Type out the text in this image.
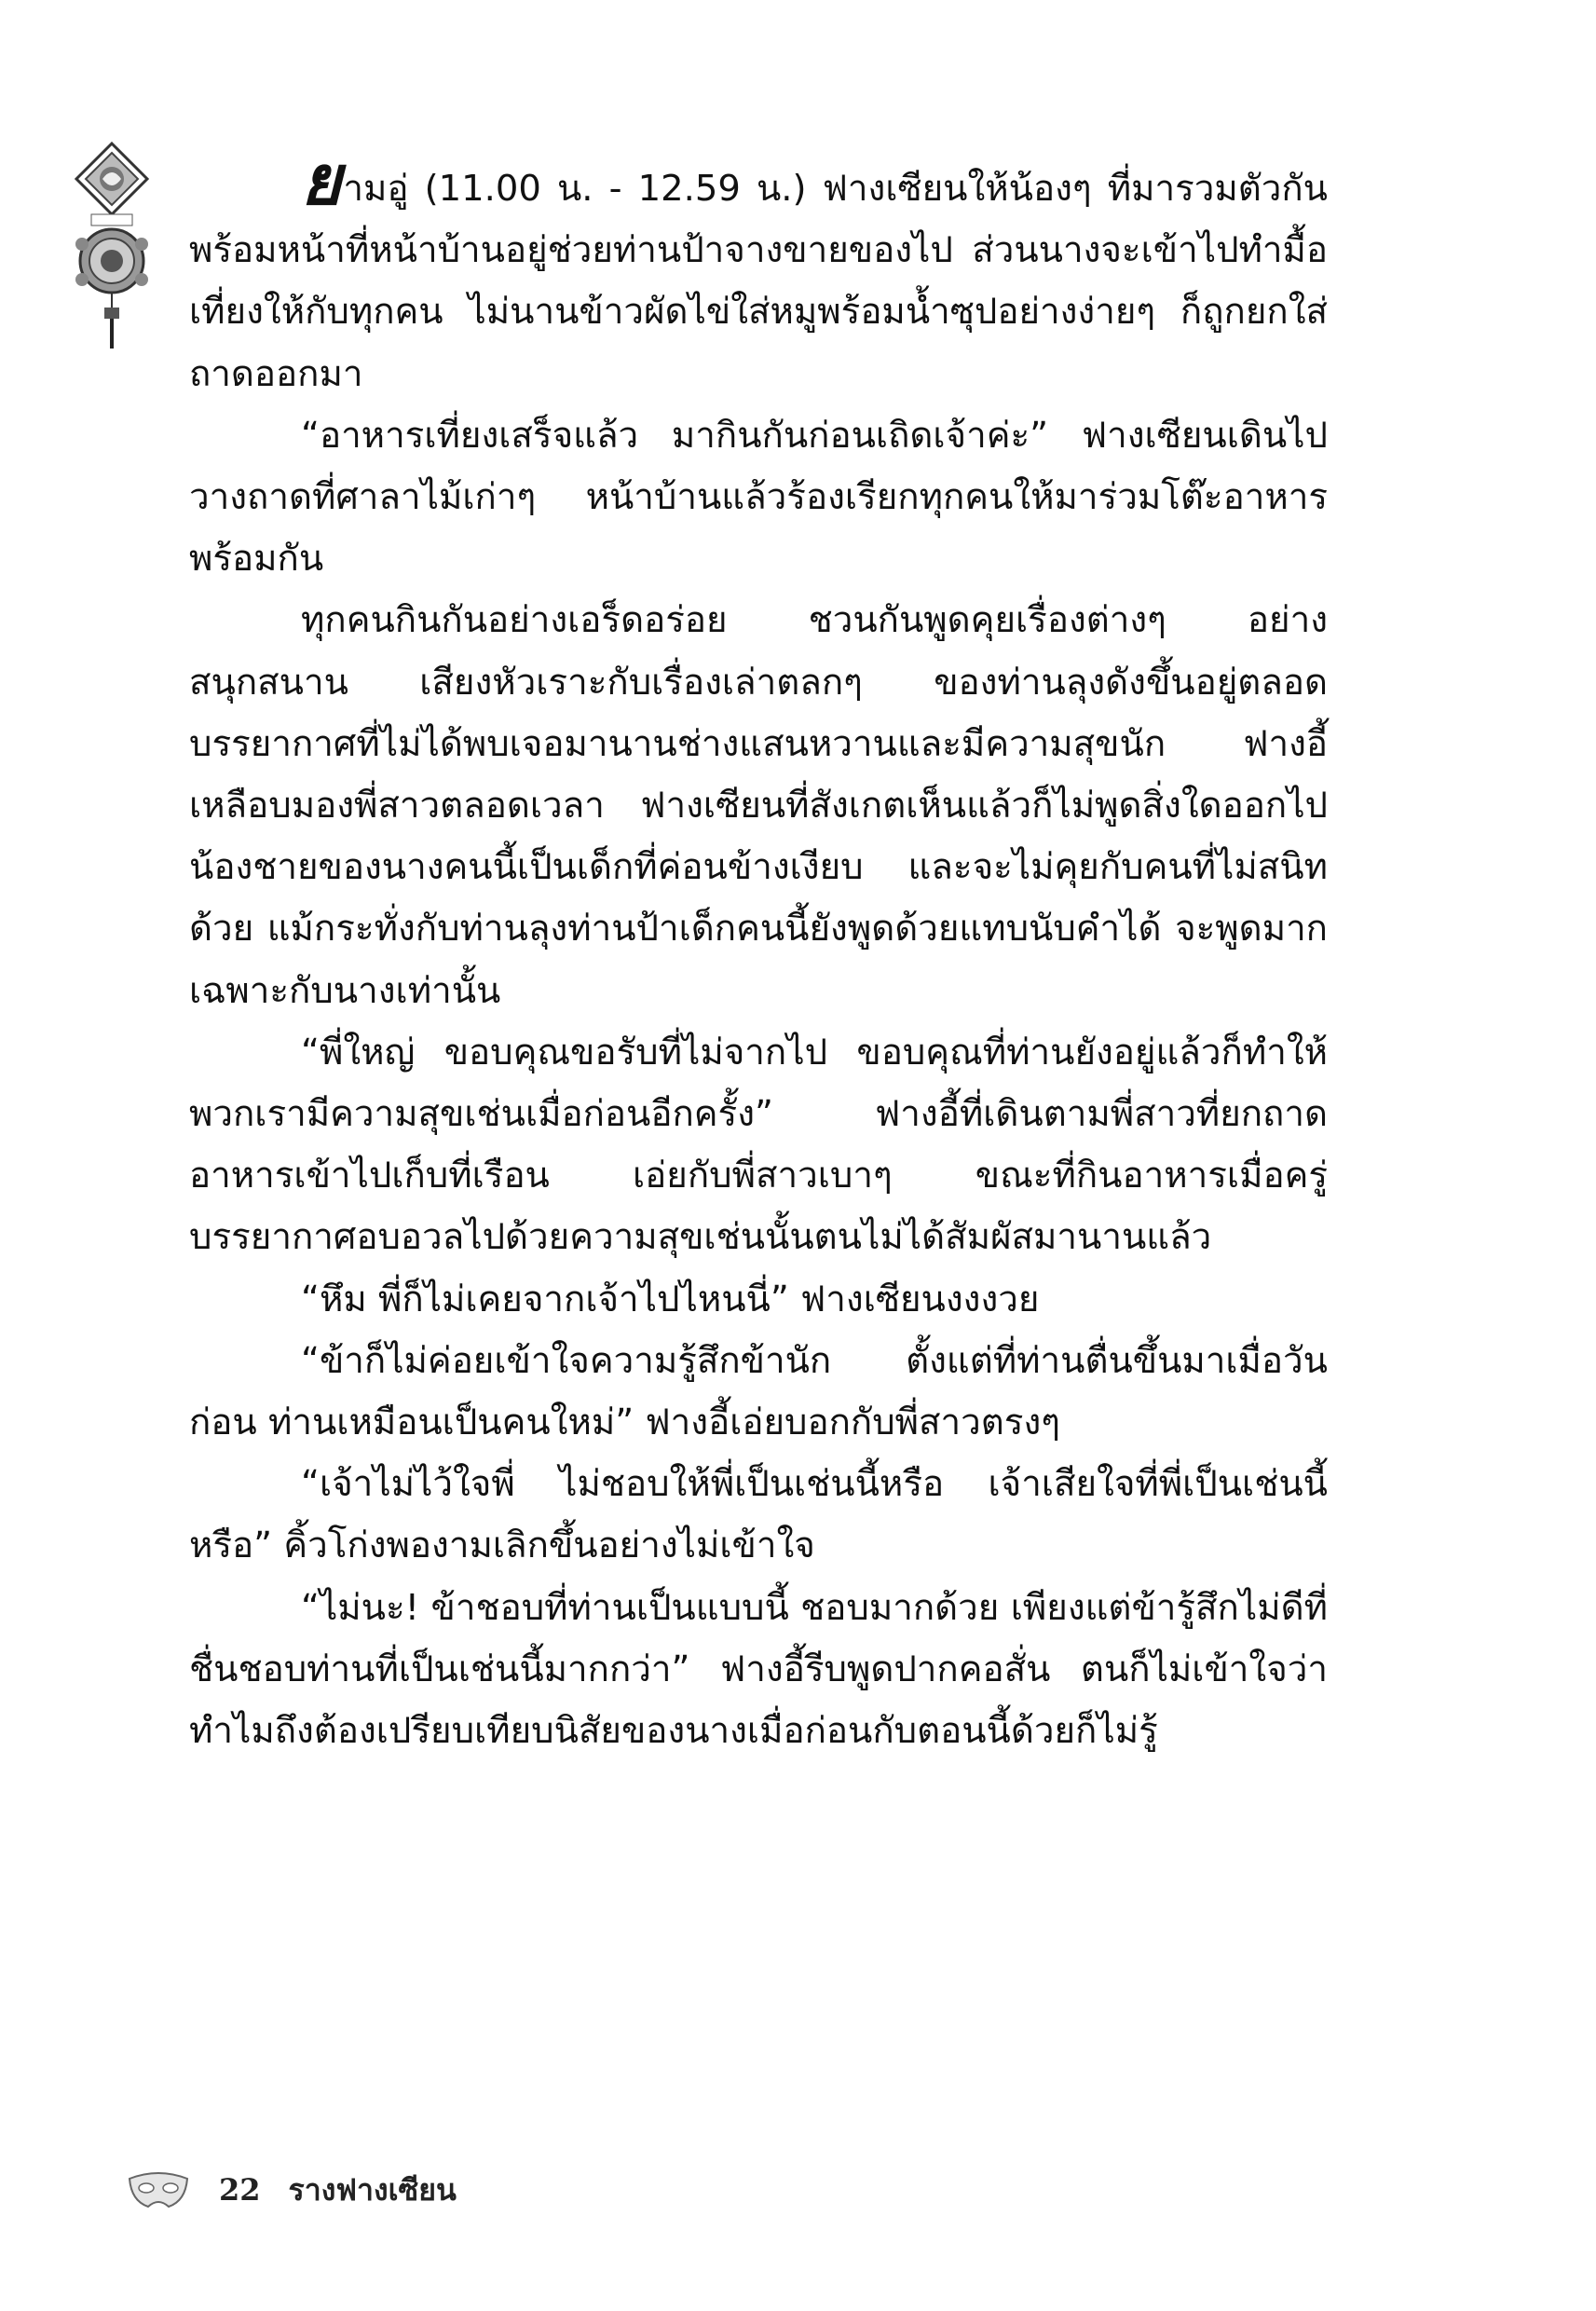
ยามอู่ (11.00 น. - 12.59 น.) ฟางเซียนให้น้องๆ ที่มารวมตัวกันพร้อมหน้าที่หน้าบ้านอยู่ช่วยท่านป้าจางขายของไป ส่วนนางจะเข้าไปทำมื้อเที่ยงให้กับทุกคน ไม่นานข้าวผัดไข่ใส่หมูพร้อมน้ำซุปอย่างง่ายๆ ก็ถูกยกใส่ถาดออกมา

“อาหารเที่ยงเสร็จแล้ว มากินกันก่อนเถิดเจ้าค่ะ” ฟางเซียนเดินไปวางถาดที่ศาลาไม้เก่าๆ หน้าบ้านแล้วร้องเรียกทุกคนให้มาร่วมโต๊ะอาหารพร้อมกัน

ทุกคนกินกันอย่างเอร็ดอร่อย ชวนกันพูดคุยเรื่องต่างๆ อย่างสนุกสนาน เสียงหัวเราะกับเรื่องเล่าตลกๆ ของท่านลุงดังขึ้นอยู่ตลอด บรรยากาศที่ไม่ได้พบเจอมานานช่างแสนหวานและมีความสุขนัก ฟางอี้เหลือบมองพี่สาวตลอดเวลา ฟางเซียนที่สังเกตเห็นแล้วก็ไม่พูดสิ่งใดออกไป น้องชายของนางคนนี้เป็นเด็กที่ค่อนข้างเงียบ และจะไม่คุยกับคนที่ไม่สนิทด้วย แม้กระทั่งกับท่านลุงท่านป้าเด็กคนนี้ยังพูดด้วยแทบนับคำได้ จะพูดมากเฉพาะกับนางเท่านั้น

“พี่ใหญ่ ขอบคุณขอรับที่ไม่จากไป ขอบคุณที่ท่านยังอยู่แล้วก็ทำให้พวกเรามีความสุขเช่นเมื่อก่อนอีกครั้ง” ฟางอี้ที่เดินตามพี่สาวที่ยกถาดอาหารเข้าไปเก็บที่เรือน เอ่ยกับพี่สาวเบาๆ ขณะที่กินอาหารเมื่อครู่บรรยากาศอบอวลไปด้วยความสุขเช่นนั้นตนไม่ได้สัมผัสมานานแล้ว

“หึม พี่ก็ไม่เคยจากเจ้าไปไหนนี่” ฟางเซียนงงงวย

“ข้าก็ไม่ค่อยเข้าใจความรู้สึกข้านัก ตั้งแต่ที่ท่านตื่นขึ้นมาเมื่อวันก่อน ท่านเหมือนเป็นคนใหม่” ฟางอี้เอ่ยบอกกับพี่สาวตรงๆ

“เจ้าไม่ไว้ใจพี่ ไม่ชอบให้พี่เป็นเช่นนี้หรือ เจ้าเสียใจที่พี่เป็นเช่นนี้หรือ” คิ้วโก่งพองามเลิกขึ้นอย่างไม่เข้าใจ

“ไม่นะ! ข้าชอบที่ท่านเป็นแบบนี้ ชอบมากด้วย เพียงแต่ข้ารู้สึกไม่ดีที่ชื่นชอบท่านที่เป็นเช่นนี้มากกว่า” ฟางอี้รีบพูดปากคอสั่น ตนก็ไม่เข้าใจว่าทำไมถึงต้องเปรียบเทียบนิสัยของนางเมื่อก่อนกับตอนนี้ด้วยก็ไม่รู้

22 รางฟางเซียน
